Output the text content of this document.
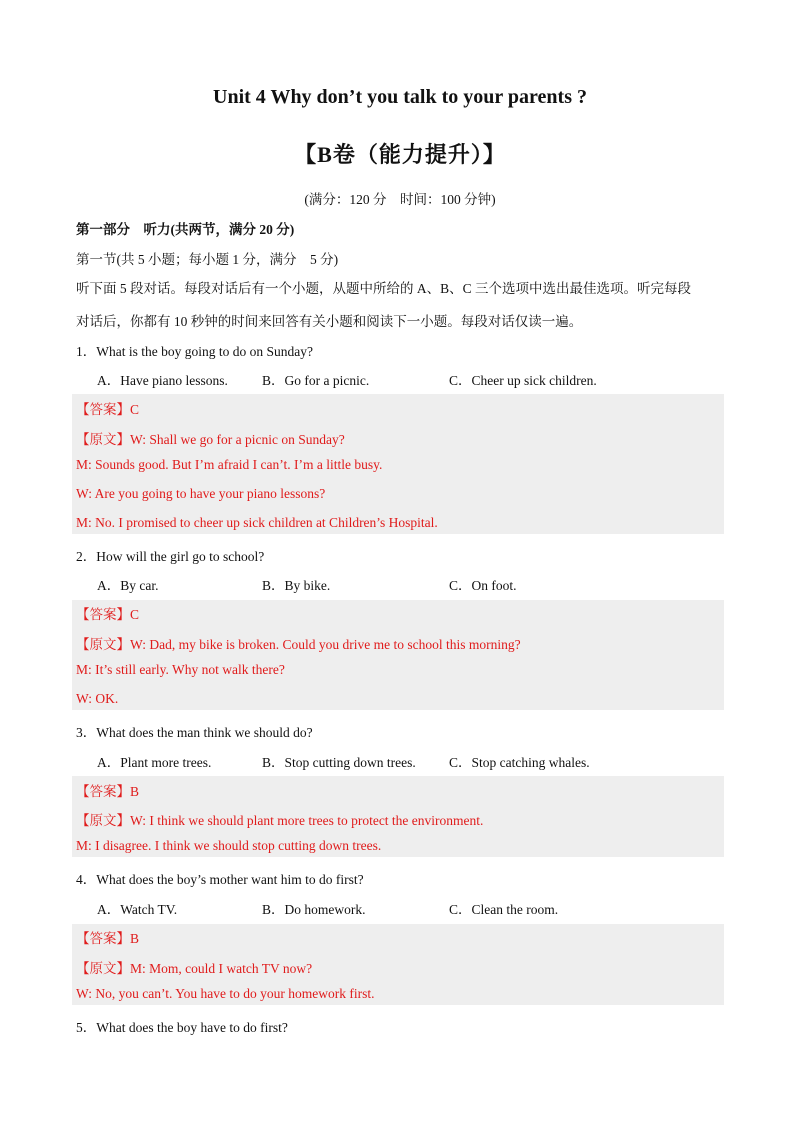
Unit 4 Why don’t you talk to your parents ?
【B卷（能力提升）】
(满分：120 分　时间：100 分钟)
第一部分　听力(共两节，满分 20 分)
第一节(共 5 小题；每小题 1 分，满分　5 分)
听下面 5 段对话。每段对话后有一个小题，从题中所给的 A、B、C 三个选项中选出最佳选项。听完每段
对话后，你都有 10 秒钟的时间来回答有关小题和阅读下一小题。每段对话仅读一遍。
1．What is the boy going to do on Sunday?
A．Have piano lessons.	B．Go for a picnic.	C．Cheer up sick children.
【答案】C
【原文】W: Shall we go for a picnic on Sunday?
M: Sounds good. But I’m afraid I can’t. I’m a little busy.
W: Are you going to have your piano lessons?
M: No. I promised to cheer up sick children at Children’s Hospital.
2．How will the girl go to school?
A．By car.	B．By bike.	C．On foot.
【答案】C
【原文】W: Dad, my bike is broken. Could you drive me to school this morning?
M: It’s still early. Why not walk there?
W: OK.
3．What does the man think we should do?
A．Plant more trees.	B．Stop cutting down trees. C．Stop catching whales.
【答案】B
【原文】W: I think we should plant more trees to protect the environment.
M: I disagree. I think we should stop cutting down trees.
4．What does the boy’s mother want him to do first?
A．Watch TV.	B．Do homework.	C．Clean the room.
【答案】B
【原文】M: Mom, could I watch TV now?
W: No, you can’t. You have to do your homework first.
5．What does the boy have to do first?
